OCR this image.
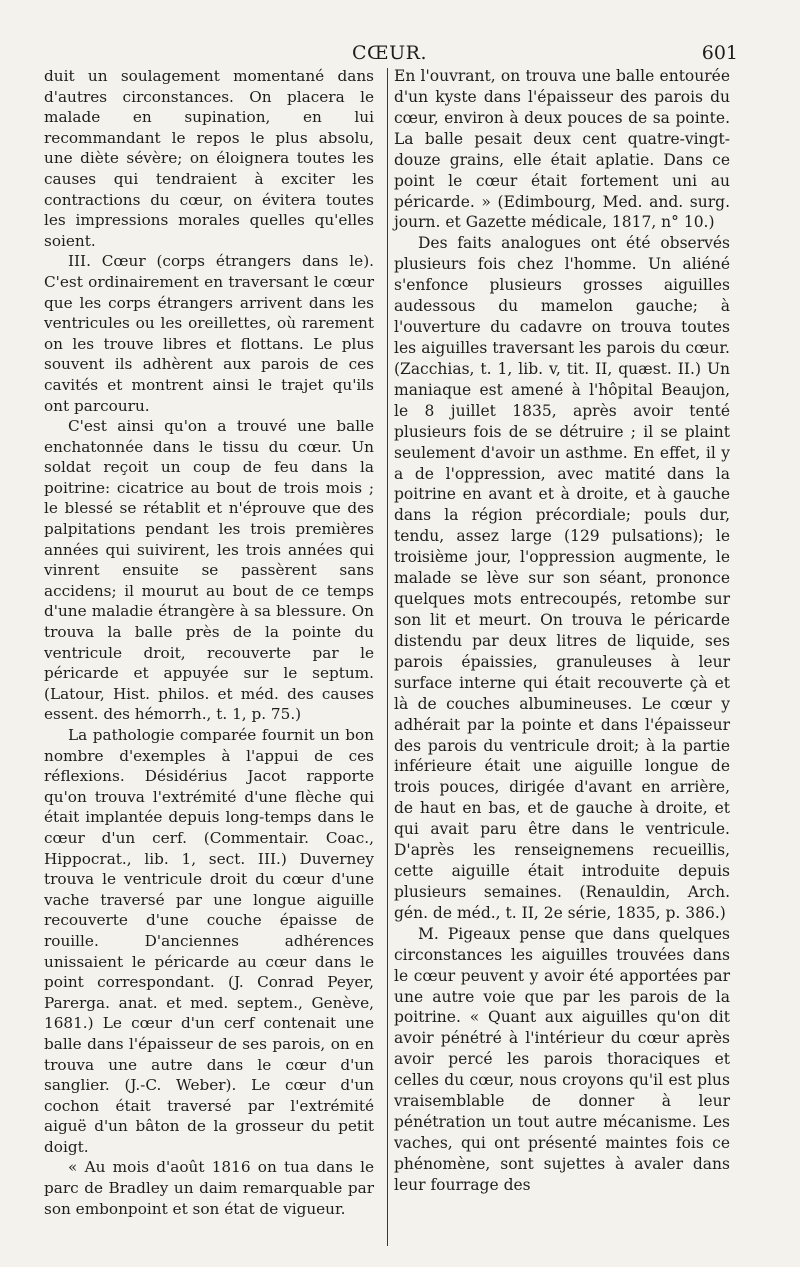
CŒUR.	601

duit un soulagement momentané dans d'autres circonstances. On placera le malade en supination, en lui recommandant le repos le plus absolu, une diète sévère; on éloignera toutes les causes qui tendraient à exciter les contractions du cœur, on évitera toutes les impressions morales quelles qu'elles soient.

III. Cœur (corps étrangers dans le). C'est ordinairement en traversant le cœur que les corps étrangers arrivent dans les ventricules ou les oreillettes, où rarement on les trouve libres et flottans. Le plus souvent ils adhèrent aux parois de ces cavités et montrent ainsi le trajet qu'ils ont parcouru.

C'est ainsi qu'on a trouvé une balle enchatonnée dans le tissu du cœur. Un soldat reçoit un coup de feu dans la poitrine: cicatrice au bout de trois mois ; le blessé se rétablit et n'éprouve que des palpitations pendant les trois premières années qui suivirent, les trois années qui vinrent ensuite se passèrent sans accidens; il mourut au bout de ce temps d'une maladie étrangère à sa blessure. On trouva la balle près de la pointe du ventricule droit, recouverte par le péricarde et appuyée sur le septum. (Latour, Hist. philos. et méd. des causes essent. des hémorrh., t. 1, p. 75.)

La pathologie comparée fournit un bon nombre d'exemples à l'appui de ces réflexions. Désidérius Jacot rapporte qu'on trouva l'extrémité d'une flèche qui était implantée depuis long-temps dans le cœur d'un cerf. (Commentair. Coac., Hippocrat., lib. 1, sect. III.) Duverney trouva le ventricule droit du cœur d'une vache traversé par une longue aiguille recouverte d'une couche épaisse de rouille. D'anciennes adhérences unissaient le péricarde au cœur dans le point correspondant. (J. Conrad Peyer, Parerga. anat. et med. septem., Genève, 1681.) Le cœur d'un cerf contenait une balle dans l'épaisseur de ses parois, on en trouva une autre dans le cœur d'un sanglier. (J.-C. Weber). Le cœur d'un cochon était traversé par l'extrémité aiguë d'un bâton de la grosseur du petit doigt.

« Au mois d'août 1816 on tua dans le parc de Bradley un daim remarquable par son embonpoint et son état de vigueur.

En l'ouvrant, on trouva une balle entourée d'un kyste dans l'épaisseur des parois du cœur, environ à deux pouces de sa pointe. La balle pesait deux cent quatre-vingt-douze grains, elle était aplatie. Dans ce point le cœur était fortement uni au péricarde. » (Edimbourg, Med. and. surg. journ. et Gazette médicale, 1817, n° 10.)

Des faits analogues ont été observés plusieurs fois chez l'homme. Un aliéné s'enfonce plusieurs grosses aiguilles audessous du mamelon gauche; à l'ouverture du cadavre on trouva toutes les aiguilles traversant les parois du cœur. (Zacchias, t. 1, lib. v, tit. II, quæst. II.) Un maniaque est amené à l'hôpital Beaujon, le 8 juillet 1835, après avoir tenté plusieurs fois de se détruire ; il se plaint seulement d'avoir un asthme. En effet, il y a de l'oppression, avec matité dans la poitrine en avant et à droite, et à gauche dans la région précordiale; pouls dur, tendu, assez large (129 pulsations); le troisième jour, l'oppression augmente, le malade se lève sur son séant, prononce quelques mots entrecoupés, retombe sur son lit et meurt. On trouva le péricarde distendu par deux litres de liquide, ses parois épaissies, granuleuses à leur surface interne qui était recouverte çà et là de couches albumineuses. Le cœur y adhérait par la pointe et dans l'épaisseur des parois du ventricule droit; à la partie inférieure était une aiguille longue de trois pouces, dirigée d'avant en arrière, de haut en bas, et de gauche à droite, et qui avait paru être dans le ventricule. D'après les renseignemens recueillis, cette aiguille était introduite depuis plusieurs semaines. (Renauldin, Arch. gén. de méd., t. II, 2e série, 1835, p. 386.)

M. Pigeaux pense que dans quelques circonstances les aiguilles trouvées dans le cœur peuvent y avoir été apportées par une autre voie que par les parois de la poitrine. « Quant aux aiguilles qu'on dit avoir pénétré à l'intérieur du cœur après avoir percé les parois thoraciques et celles du cœur, nous croyons qu'il est plus vraisemblable de donner à leur pénétration un tout autre mécanisme. Les vaches, qui ont présenté maintes fois ce phénomène, sont sujettes à avaler dans leur fourrage des
